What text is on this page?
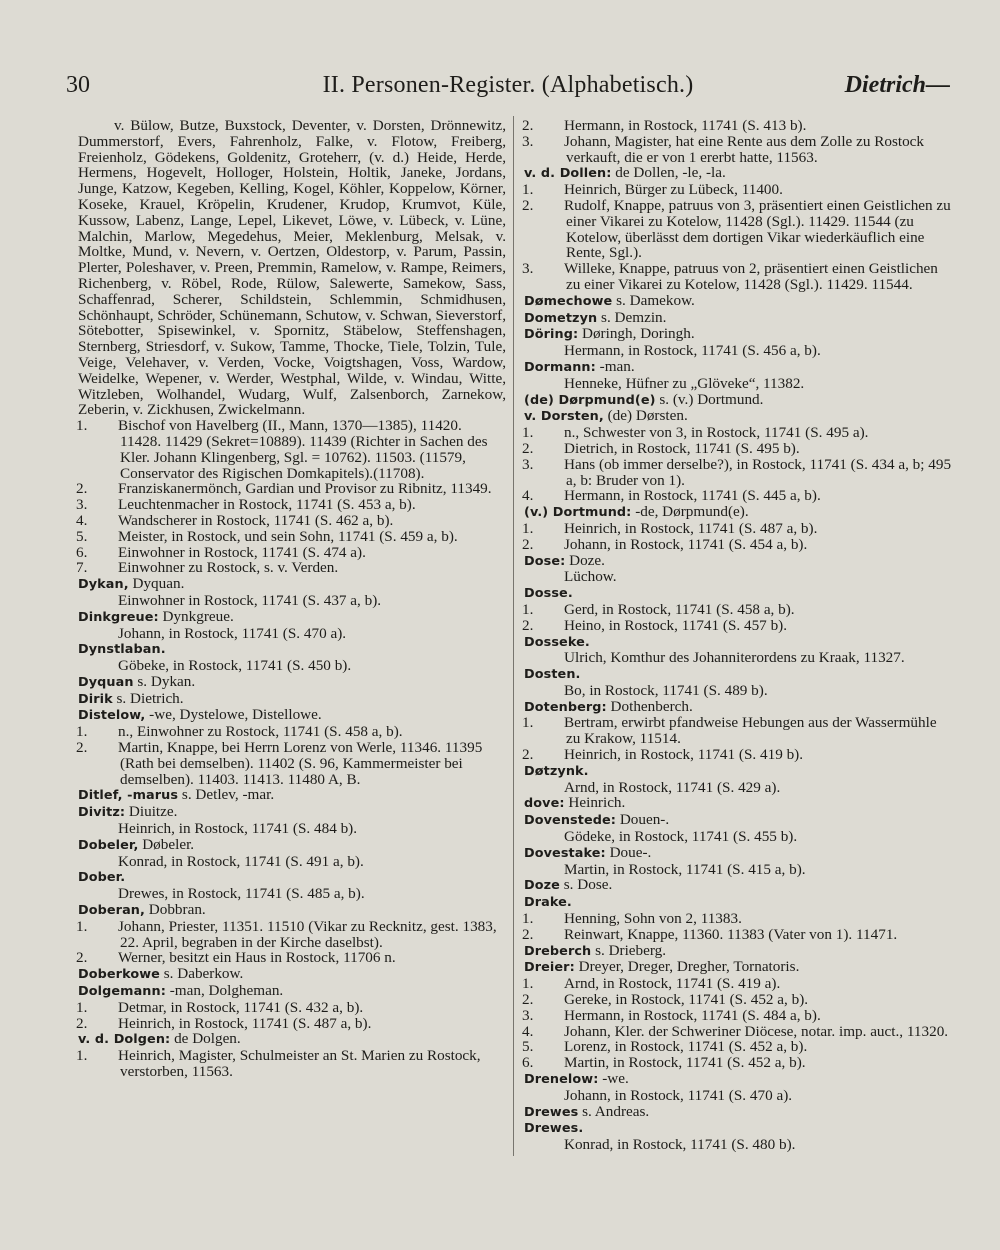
30	II. Personen-Register. (Alphabetisch.)	Dietrich—

v. Bülow, Butze, Buxstock, Deventer, v. Dorsten, Drönnewitz, Dummerstorf, Evers, Fahrenholz, Falke, v. Flotow, Freiberg, Freienholz, Gödekens, Goldenitz, Groteherr, (v. d.) Heide, Herde, Hermens, Hogevelt, Holloger, Holstein, Holtik, Janeke, Jordans, Junge, Katzow, Kegeben, Kelling, Kogel, Köhler, Koppelow, Körner, Koseke, Krauel, Kröpelin, Krudener, Krudop, Krumvot, Küle, Kussow, Labenz, Lange, Lepel, Likevet, Löwe, v. Lübeck, v. Lüne, Malchin, Marlow, Megedehus, Meier, Meklenburg, Melsak, v. Moltke, Mund, v. Nevern, v. Oertzen, Oldestorp, v. Parum, Passin, Plerter, Poleshaver, v. Preen, Premmin, Ramelow, v. Rampe, Reimers, Richenberg, v. Röbel, Rode, Rülow, Salewerte, Samekow, Sass, Schaffenrad, Scherer, Schildstein, Schlemmin, Schmidhusen, Schönhaupt, Schröder, Schünemann, Schutow, v. Schwan, Sieverstorf, Sötebotter, Spisewinkel, v. Spornitz, Stäbelow, Steffenshagen, Sternberg, Striesdorf, v. Sukow, Tamme, Thocke, Tiele, Tolzin, Tule, Veige, Velehaver, v. Verden, Vocke, Voigtshagen, Voss, Wardow, Weidelke, Wepener, v. Werder, Westphal, Wilde, v. Windau, Witte, Witzleben, Wolhandel, Wudarg, Wulf, Zalsenborch, Zarnekow, Zeberin, v. Zickhusen, Zwickelmann.

1. Bischof von Havelberg (II., Mann, 1370—1385), 11420. 11428. 11429 (Sekret=10889). 11439 (Richter in Sachen des Kler. Johann Klingenberg, Sgl. = 10762). 11503. (11579, Conservator des Rigischen Domkapitels).(11708).

2. Franziskanermönch, Gardian und Provisor zu Ribnitz, 11349.

3. Leuchtenmacher in Rostock, 11741 (S. 453 a, b).

4. Wandscherer in Rostock, 11741 (S. 462 a, b).

5. Meister, in Rostock, und sein Sohn, 11741 (S. 459 a, b).

6. Einwohner in Rostock, 11741 (S. 474 a).

7. Einwohner zu Rostock, s. v. Verden.

Dykan, Dyquan.

Einwohner in Rostock, 11741 (S. 437 a, b).

Dinkgreue: Dynkgreue.

Johann, in Rostock, 11741 (S. 470 a).

Dynstlaban.

Göbeke, in Rostock, 11741 (S. 450 b).

Dyquan s. Dykan.
Dirik s. Dietrich.
Distelow, -we, Dystelowe, Distellowe.

1. n., Einwohner zu Rostock, 11741 (S. 458 a, b).

2. Martin, Knappe, bei Herrn Lorenz von Werle, 11346. 11395 (Rath bei demselben). 11402 (S. 96, Kammermeister bei demselben). 11403. 11413. 11480 A, B.

Ditlef, -marus s. Detlev, -mar.
Divitz: Diuitze.

Heinrich, in Rostock, 11741 (S. 484 b).

Dobeler, Døbeler.

Konrad, in Rostock, 11741 (S. 491 a, b).

Dober.

Drewes, in Rostock, 11741 (S. 485 a, b).

Doberan, Dobbran.

1. Johann, Priester, 11351. 11510 (Vikar zu Recknitz, gest. 1383, 22. April, begraben in der Kirche daselbst).

2. Werner, besitzt ein Haus in Rostock, 11706 n.

Doberkowe s. Daberkow.
Dolgemann: -man, Dolgheman.

1. Detmar, in Rostock, 11741 (S. 432 a, b).

2. Heinrich, in Rostock, 11741 (S. 487 a, b).

v. d. Dolgen: de Dolgen.

1. Heinrich, Magister, Schulmeister an St. Marien zu Rostock, verstorben, 11563.

2. Hermann, in Rostock, 11741 (S. 413 b).

3. Johann, Magister, hat eine Rente aus dem Zolle zu Rostock verkauft, die er von 1 ererbt hatte, 11563.

v. d. Dollen: de Dollen, -le, -la.

1. Heinrich, Bürger zu Lübeck, 11400.

2. Rudolf, Knappe, patruus von 3, präsentiert einen Geistlichen zu einer Vikarei zu Kotelow, 11428 (Sgl.). 11429. 11544 (zu Kotelow, überlässt dem dortigen Vikar wiederkäuflich eine Rente, Sgl.).

3. Willeke, Knappe, patruus von 2, präsentiert einen Geistlichen zu einer Vikarei zu Kotelow, 11428 (Sgl.). 11429. 11544.

Dømechowe s. Damekow.
Dometzyn s. Demzin.
Döring: Døringh, Doringh.

Hermann, in Rostock, 11741 (S. 456 a, b).

Dormann: -man.

Henneke, Hüfner zu „Glöveke“, 11382.

(de) Dørpmund(e) s. (v.) Dortmund.
v. Dorsten, (de) Dørsten.

1. n., Schwester von 3, in Rostock, 11741 (S. 495 a).

2. Dietrich, in Rostock, 11741 (S. 495 b).

3. Hans (ob immer derselbe?), in Rostock, 11741 (S. 434 a, b; 495 a, b: Bruder von 1).

4. Hermann, in Rostock, 11741 (S. 445 a, b).

(v.) Dortmund: -de, Dørpmund(e).

1. Heinrich, in Rostock, 11741 (S. 487 a, b).

2. Johann, in Rostock, 11741 (S. 454 a, b).

Dose: Doze.

Lüchow.

Dosse.

1. Gerd, in Rostock, 11741 (S. 458 a, b).

2. Heino, in Rostock, 11741 (S. 457 b).

Dosseke.

Ulrich, Komthur des Johanniterordens zu Kraak, 11327.

Dosten.

Bo, in Rostock, 11741 (S. 489 b).

Dotenberg: Dothenberch.

1. Bertram, erwirbt pfandweise Hebungen aus der Wassermühle zu Krakow, 11514.

2. Heinrich, in Rostock, 11741 (S. 419 b).

Døtzynk.

Arnd, in Rostock, 11741 (S. 429 a).

dove: Heinrich.
Dovenstede: Douen-.

Gödeke, in Rostock, 11741 (S. 455 b).

Dovestake: Doue-.

Martin, in Rostock, 11741 (S. 415 a, b).

Doze s. Dose.
Drake.

1. Henning, Sohn von 2, 11383.

2. Reinwart, Knappe, 11360. 11383 (Vater von 1). 11471.

Dreberch s. Drieberg.
Dreier: Dreyer, Dreger, Dregher, Tornatoris.

1. Arnd, in Rostock, 11741 (S. 419 a).

2. Gereke, in Rostock, 11741 (S. 452 a, b).

3. Hermann, in Rostock, 11741 (S. 484 a, b).

4. Johann, Kler. der Schweriner Diöcese, notar. imp. auct., 11320.

5. Lorenz, in Rostock, 11741 (S. 452 a, b).

6. Martin, in Rostock, 11741 (S. 452 a, b).

Drenelow: -we.

Johann, in Rostock, 11741 (S. 470 a).

Drewes s. Andreas.
Drewes.

Konrad, in Rostock, 11741 (S. 480 b).
